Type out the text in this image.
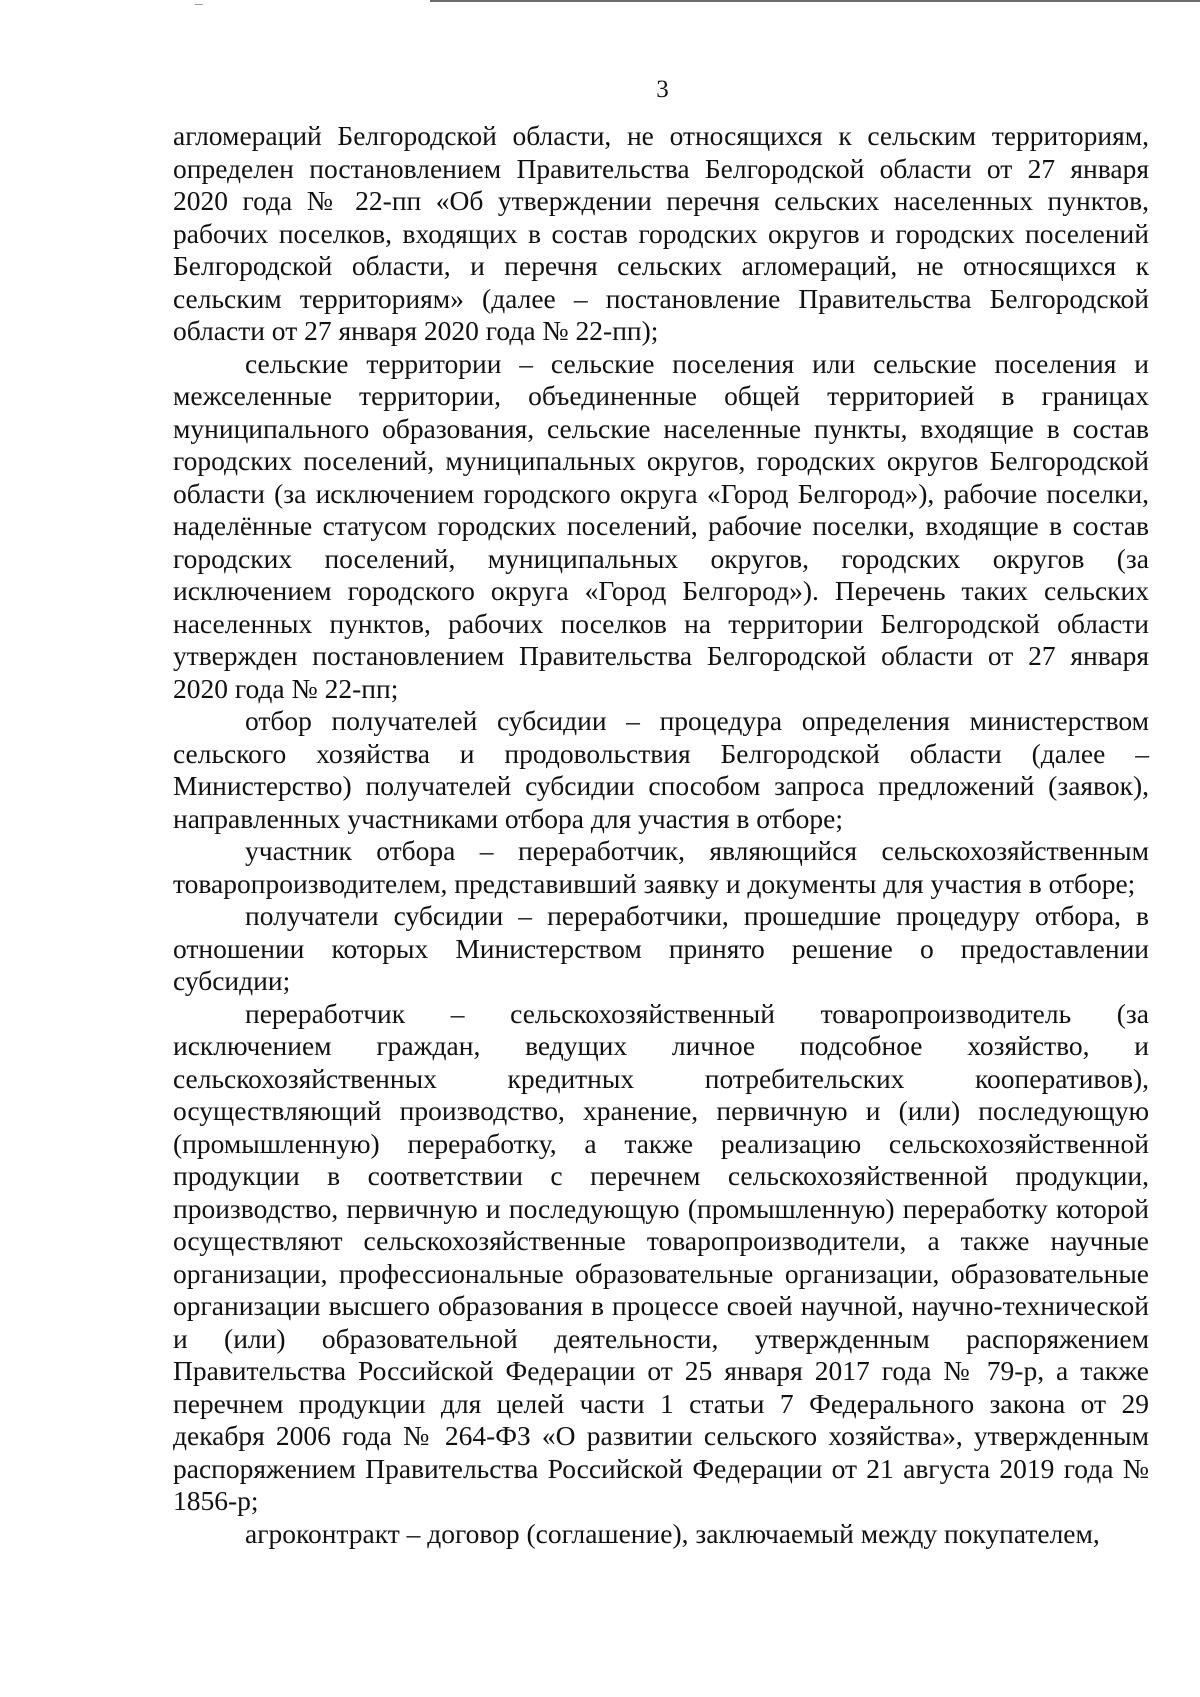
3

агломераций Белгородской области, не относящихся к сельским территориям, определен постановлением Правительства Белгородской области от 27 января 2020 года № 22-пп «Об утверждении перечня сельских населенных пунктов, рабочих поселков, входящих в состав городских округов и городских поселений Белгородской области, и перечня сельских агломераций, не относящихся к сельским территориям» (далее – постановление Правительства Белгородской области от 27 января 2020 года № 22-пп);

сельские территории – сельские поселения или сельские поселения и межселенные территории, объединенные общей территорией в границах муниципального образования, сельские населенные пункты, входящие в состав городских поселений, муниципальных округов, городских округов Белгородской области (за исключением городского округа «Город Белгород»), рабочие поселки, наделённые статусом городских поселений, рабочие поселки, входящие в состав городских поселений, муниципальных округов, городских округов (за исключением городского округа «Город Белгород»). Перечень таких сельских населенных пунктов, рабочих поселков на территории Белгородской области утвержден постановлением Правительства Белгородской области от 27 января 2020 года № 22-пп;

отбор получателей субсидии – процедура определения министерством сельского хозяйства и продовольствия Белгородской области (далее – Министерство) получателей субсидии способом запроса предложений (заявок), направленных участниками отбора для участия в отборе;

участник отбора – переработчик, являющийся сельскохозяйственным товаропроизводителем, представивший заявку и документы для участия в отборе;

получатели субсидии – переработчики, прошедшие процедуру отбора, в отношении которых Министерством принято решение о предоставлении субсидии;

переработчик – сельскохозяйственный товаропроизводитель (за исключением граждан, ведущих личное подсобное хозяйство, и сельскохозяйственных кредитных потребительских кооперативов), осуществляющий производство, хранение, первичную и (или) последующую (промышленную) переработку, а также реализацию сельскохозяйственной продукции в соответствии с перечнем сельскохозяйственной продукции, производство, первичную и последующую (промышленную) переработку которой осуществляют сельскохозяйственные товаропроизводители, а также научные организации, профессиональные образовательные организации, образовательные организации высшего образования в процессе своей научной, научно-технической и (или) образовательной деятельности, утвержденным распоряжением Правительства Российской Федерации от 25 января 2017 года № 79-р, а также перечнем продукции для целей части 1 статьи 7 Федерального закона от 29 декабря 2006 года № 264-ФЗ «О развитии сельского хозяйства», утвержденным распоряжением Правительства Российской Федерации от 21 августа 2019 года № 1856-р;

агроконтракт – договор (соглашение), заключаемый между покупателем,
